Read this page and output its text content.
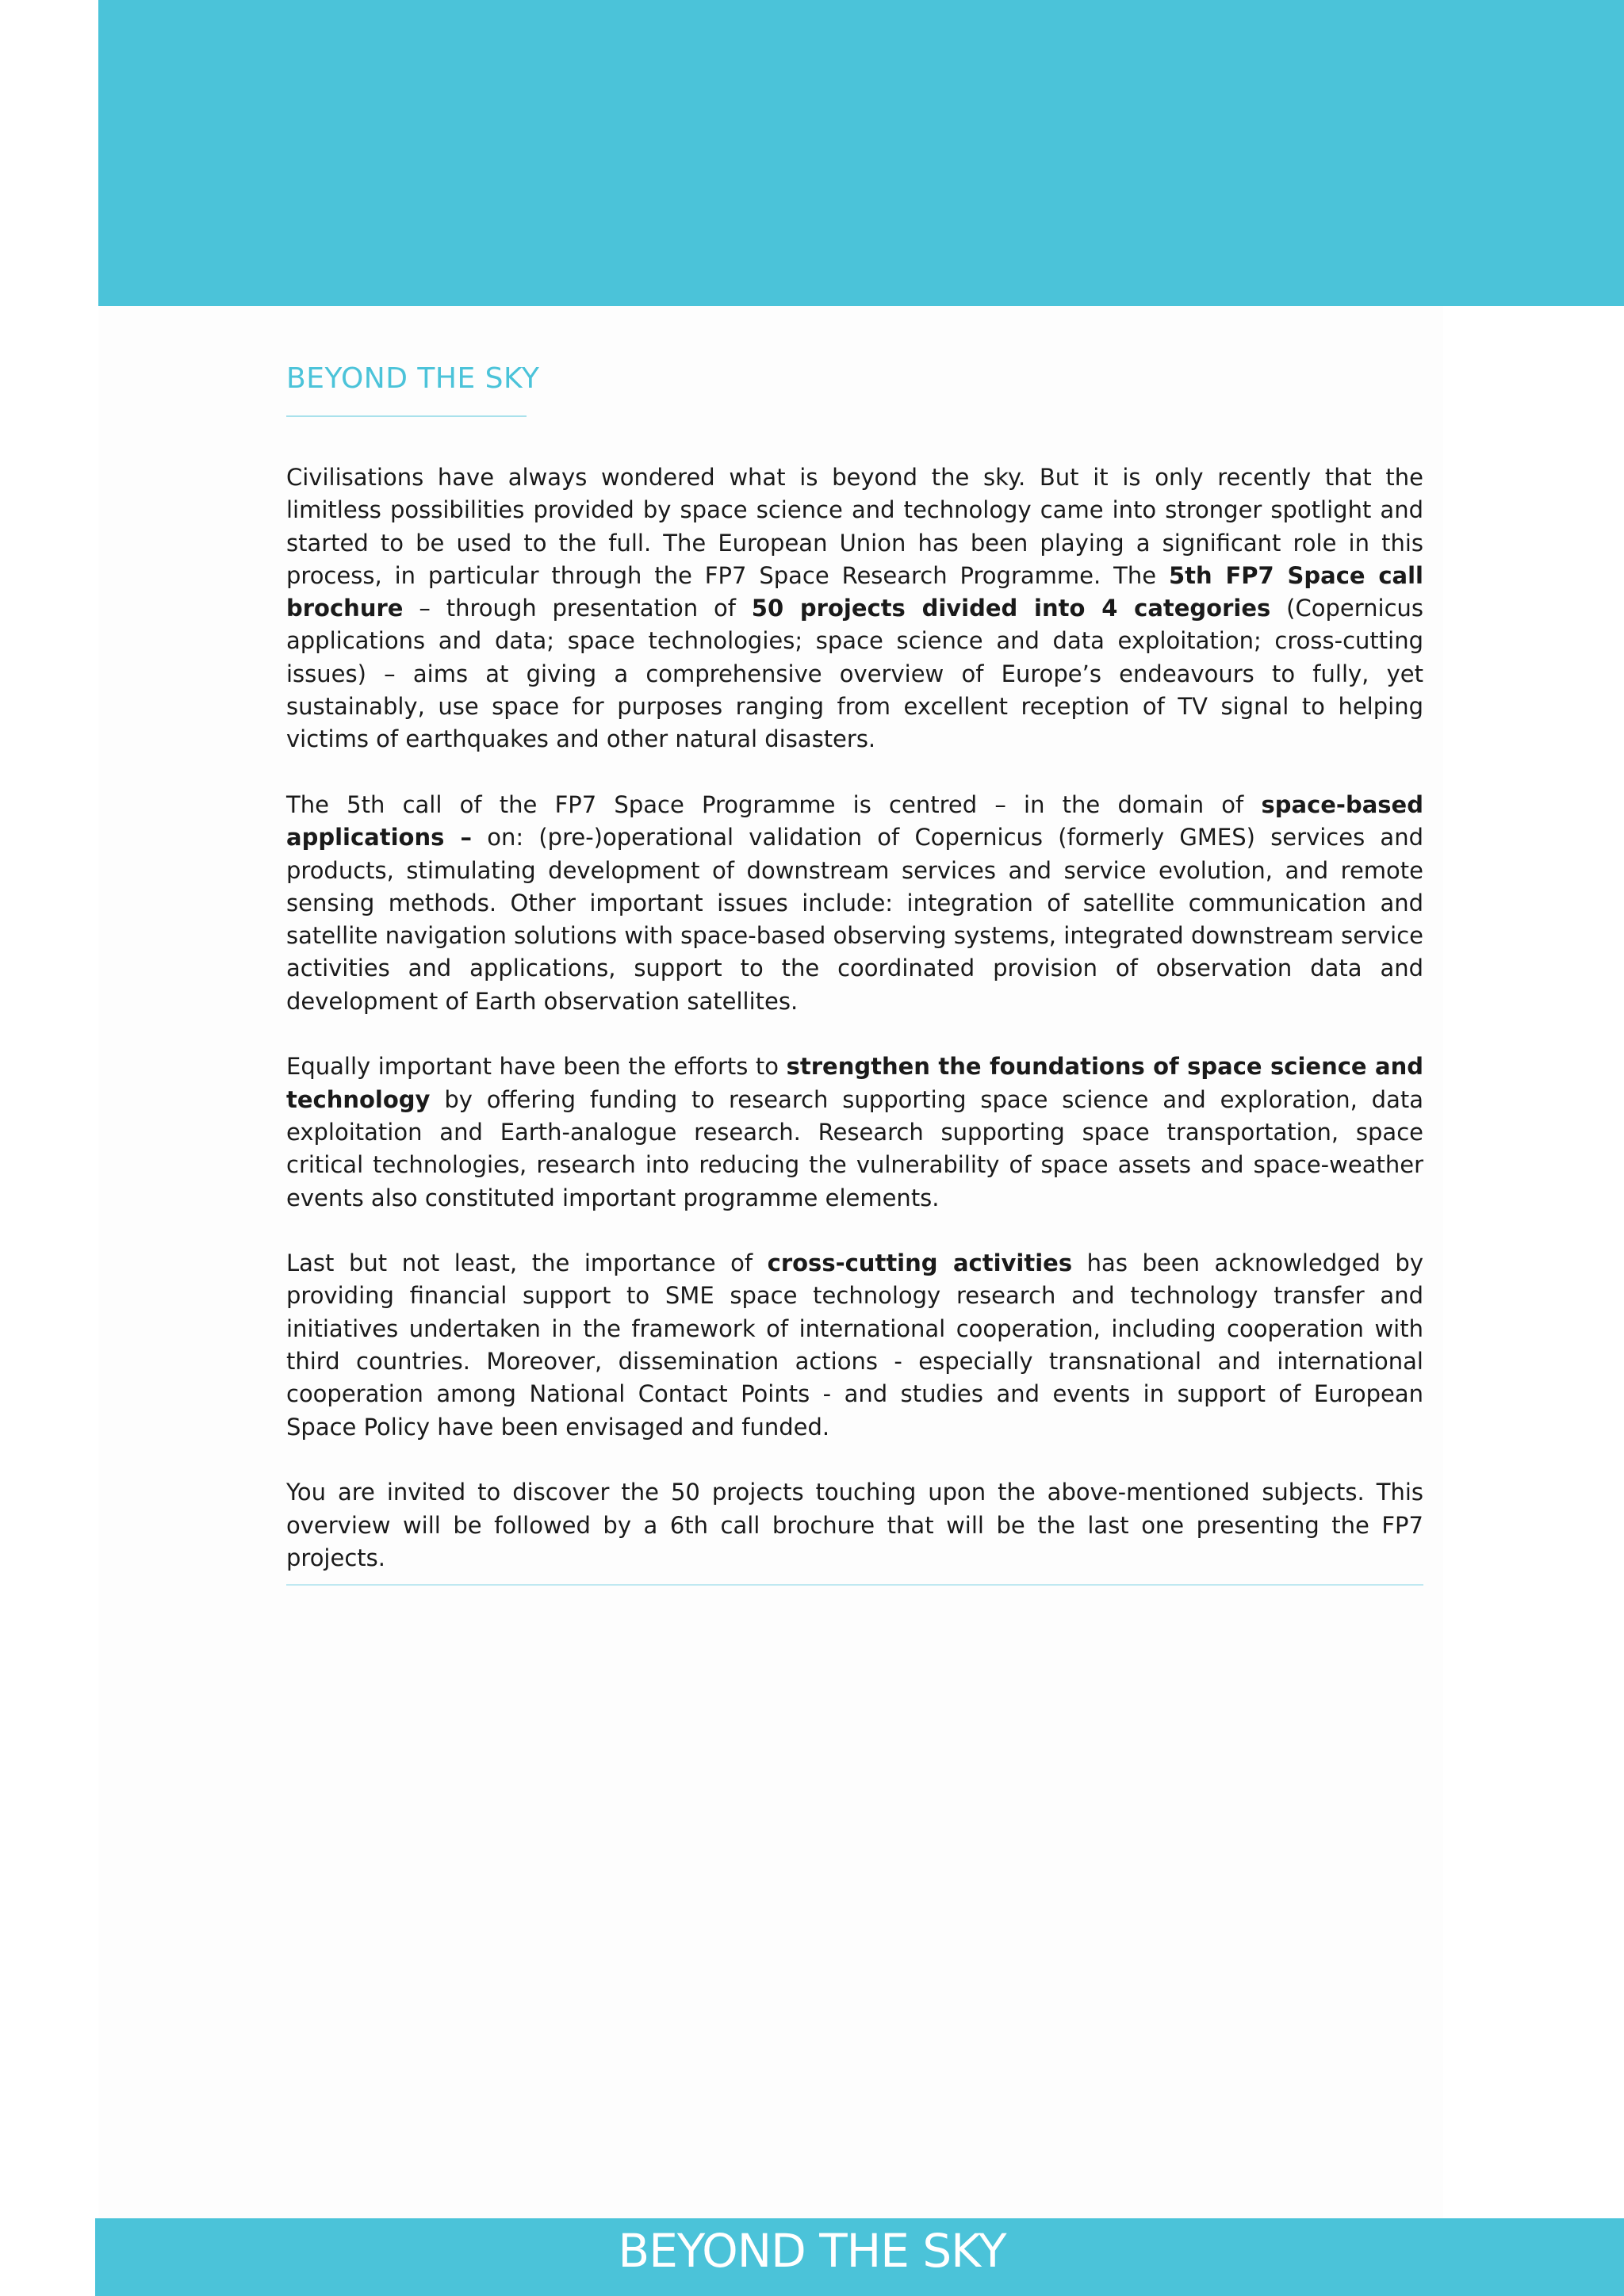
BEYOND THE SKY

Civilisations have always wondered what is beyond the sky. But it is only recently that the limitless possibilities provided by space science and technology came into stronger spotlight and started to be used to the full. The European Union has been playing a significant role in this process, in particular through the FP7 Space Research Programme. The 5th FP7 Space call brochure – through presentation of 50 projects divided into 4 categories (Copernicus applications and data; space technologies; space science and data exploitation; cross-cutting issues) – aims at giving a comprehensive overview of Europe’s endeavours to fully, yet sustainably, use space for purposes ranging from excellent reception of TV signal to helping victims of earthquakes and other natural disasters.

The 5th call of the FP7 Space Programme is centred – in the domain of space-based applications – on: (pre-)operational validation of Copernicus (formerly GMES) services and products, stimulating development of downstream services and service evolution, and remote sensing methods. Other important issues include: integration of satellite communication and satellite navigation solutions with space-based observing systems, integrated downstream service activities and applications, support to the coordinated provision of observation data and development of Earth observation satellites.

Equally important have been the efforts to strengthen the foundations of space science and technology by offering funding to research supporting space science and exploration, data exploitation and Earth-analogue research. Research supporting space transportation, space critical technologies, research into reducing the vulnerability of space assets and space-weather events also constituted important programme elements.

Last but not least, the importance of cross-cutting activities has been acknowledged by providing financial support to SME space technology research and technology transfer and initiatives undertaken in the framework of international cooperation, including cooperation with third countries. Moreover, dissemination actions - especially transnational and international cooperation among National Contact Points - and studies and events in support of European Space Policy have been envisaged and funded.

You are invited to discover the 50 projects touching upon the above-mentioned subjects. This overview will be followed by a 6th call brochure that will be the last one presenting the FP7 projects.

BEYOND THE SKY
